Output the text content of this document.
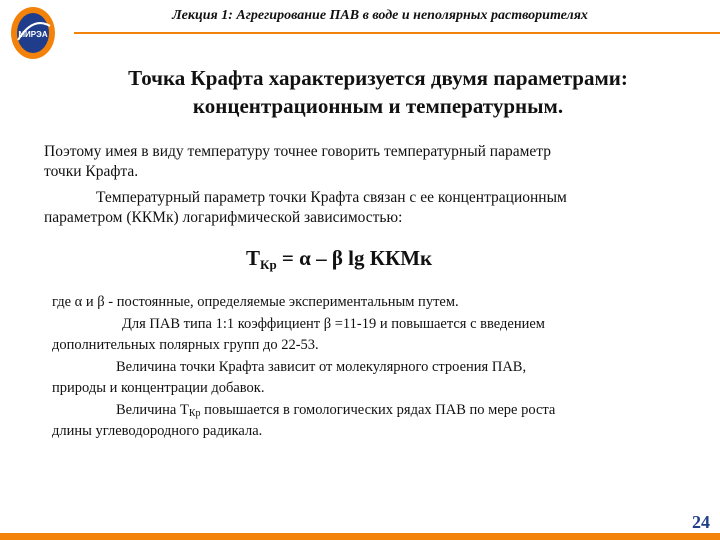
Лекция 1: Агрегирование ПАВ в воде и неполярных растворителях
МИРЭА
Точка Крафта характеризуется двумя параметрами:
концентрационным и температурным.
Поэтому имея в виду температуру точнее говорить температурный параметр
точки Крафта.
Температурный параметр точки Крафта связан с ее концентрационным
параметром (ККМк) логарифмической зависимостью:
$T_{Кр} = \alpha - \beta$ lg ККМк
где α и β - постоянные, определяемые экспериментальным путем.
Для ПАВ типа 1:1 коэффициент β =11-19 и повышается с введением
дополнительных полярных групп до 22-53.
Величина точки Крафта зависит от молекулярного строения ПАВ,
природы и концентрации добавок.
Величина $T_{Кр}$ повышается в гомологических рядах ПАВ по мере роста
длины углеводородного радикала.
24
